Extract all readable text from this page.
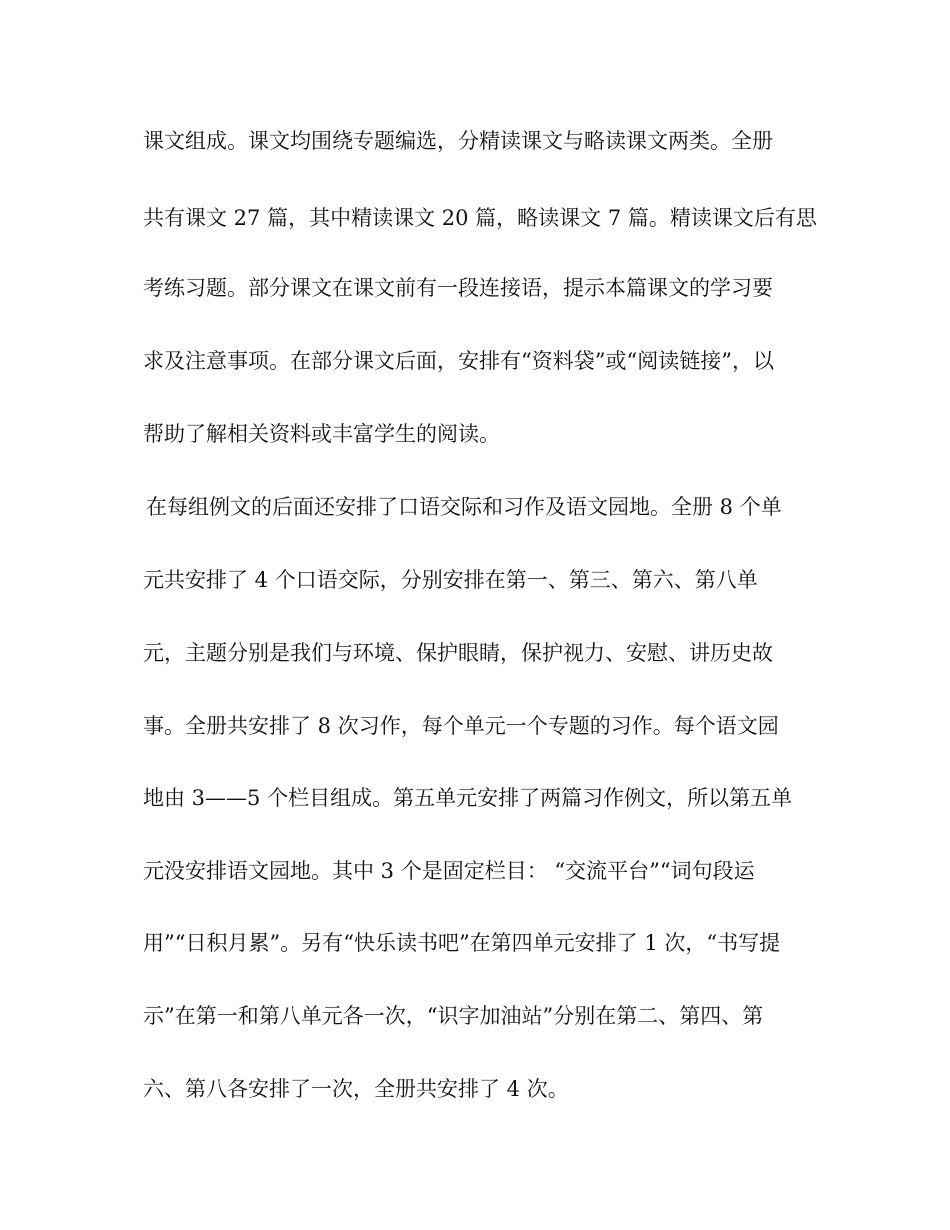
课文组成。课文均围绕专题编选，分精读课文与略读课文两类。全册

共有课文 27 篇，其中精读课文 20 篇，略读课文 7 篇。精读课文后有思

考练习题。部分课文在课文前有一段连接语，提示本篇课文的学习要

求及注意事项。在部分课文后面，安排有“资料袋”或“阅读链接”，以

帮助了解相关资料或丰富学生的阅读。

在每组例文的后面还安排了口语交际和习作及语文园地。全册 8 个单

元共安排了 4 个口语交际，分别安排在第一、第三、第六、第八单

元，主题分别是我们与环境、保护眼睛，保护视力、安慰、讲历史故

事。全册共安排了 8 次习作，每个单元一个专题的习作。每个语文园

地由 3——5 个栏目组成。第五单元安排了两篇习作例文，所以第五单

元没安排语文园地。其中 3 个是固定栏目： “交流平台”“词句段运

用”“日积月累”。另有“快乐读书吧”在第四单元安排了 1 次，“书写提

示”在第一和第八单元各一次，“识字加油站”分别在第二、第四、第

六、第八各安排了一次，全册共安排了 4 次。
